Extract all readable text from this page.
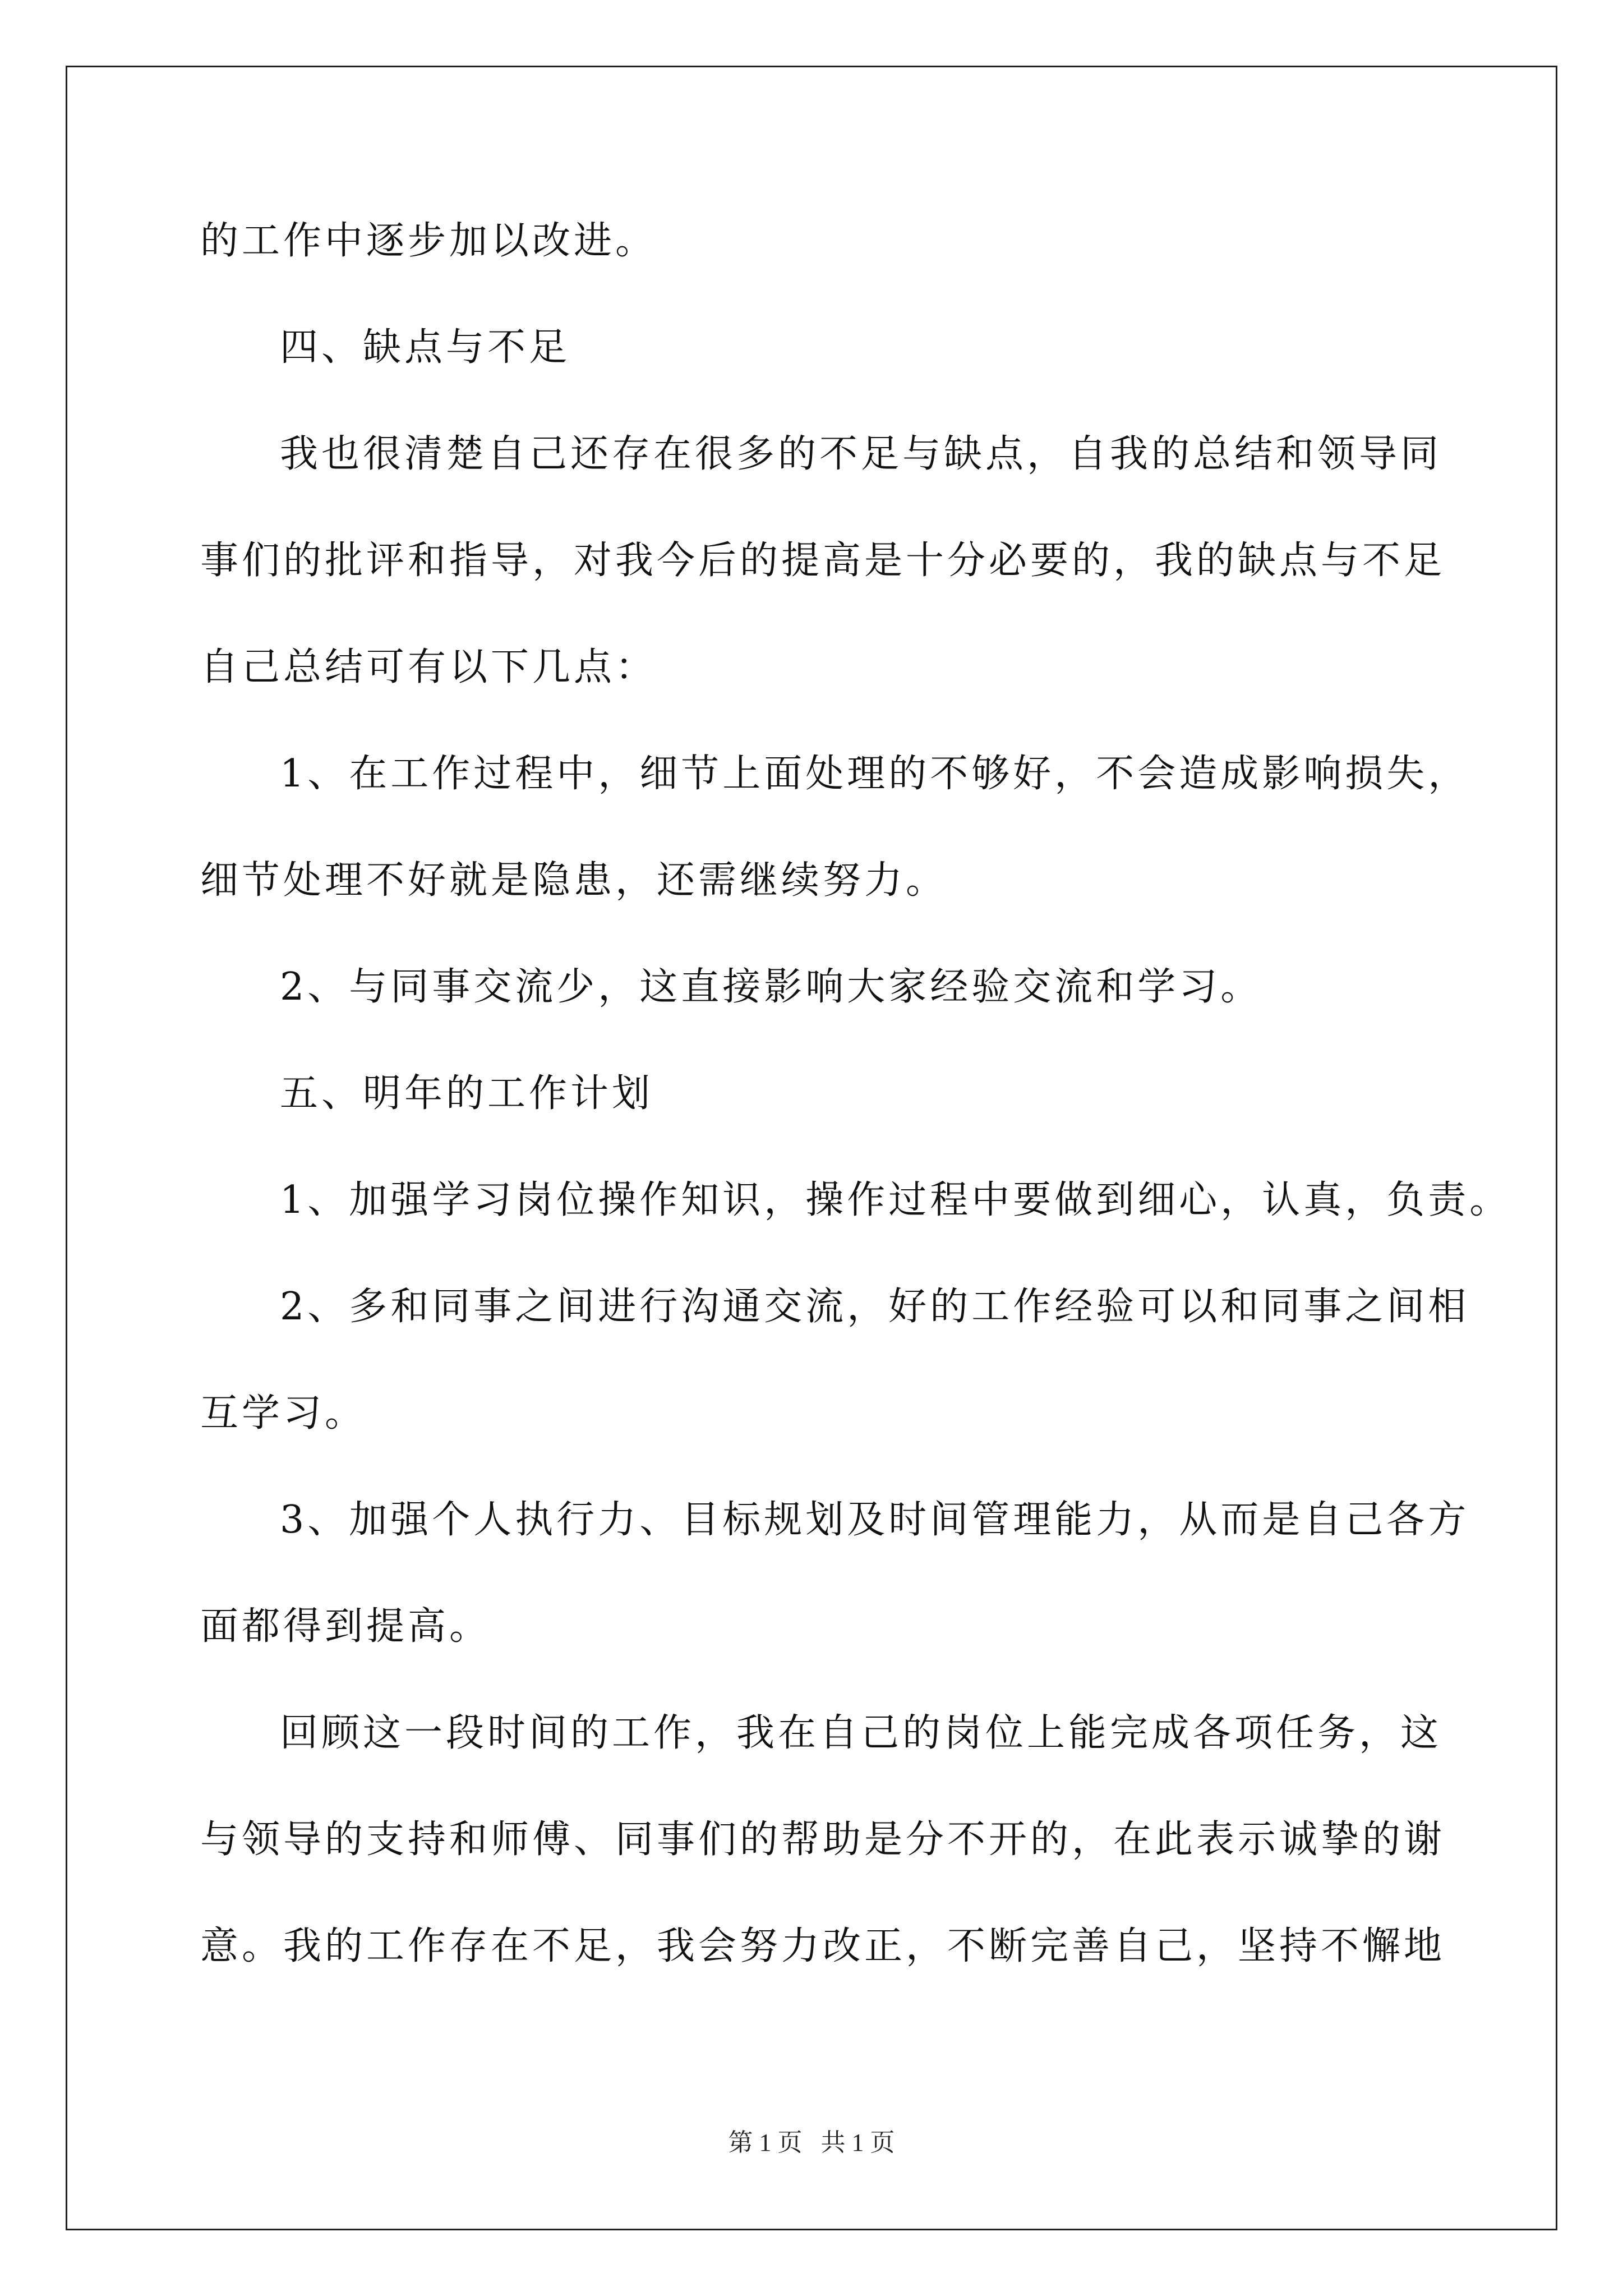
的工作中逐步加以改进。
四、缺点与不足
我也很清楚自己还存在很多的不足与缺点，自我的总结和领导同
事们的批评和指导，对我今后的提高是十分必要的，我的缺点与不足
自己总结可有以下几点：
1、在工作过程中，细节上面处理的不够好，不会造成影响损失，
细节处理不好就是隐患，还需继续努力。
2、与同事交流少，这直接影响大家经验交流和学习。
五、明年的工作计划
1、加强学习岗位操作知识，操作过程中要做到细心，认真，负责。
2、多和同事之间进行沟通交流，好的工作经验可以和同事之间相
互学习。
3、加强个人执行力、目标规划及时间管理能力，从而是自己各方
面都得到提高。
回顾这一段时间的工作，我在自己的岗位上能完成各项任务，这
与领导的支持和师傅、同事们的帮助是分不开的，在此表示诚挚的谢
意。我的工作存在不足，我会努力改正，不断完善自己，坚持不懈地
第 1 页   共 1 页
